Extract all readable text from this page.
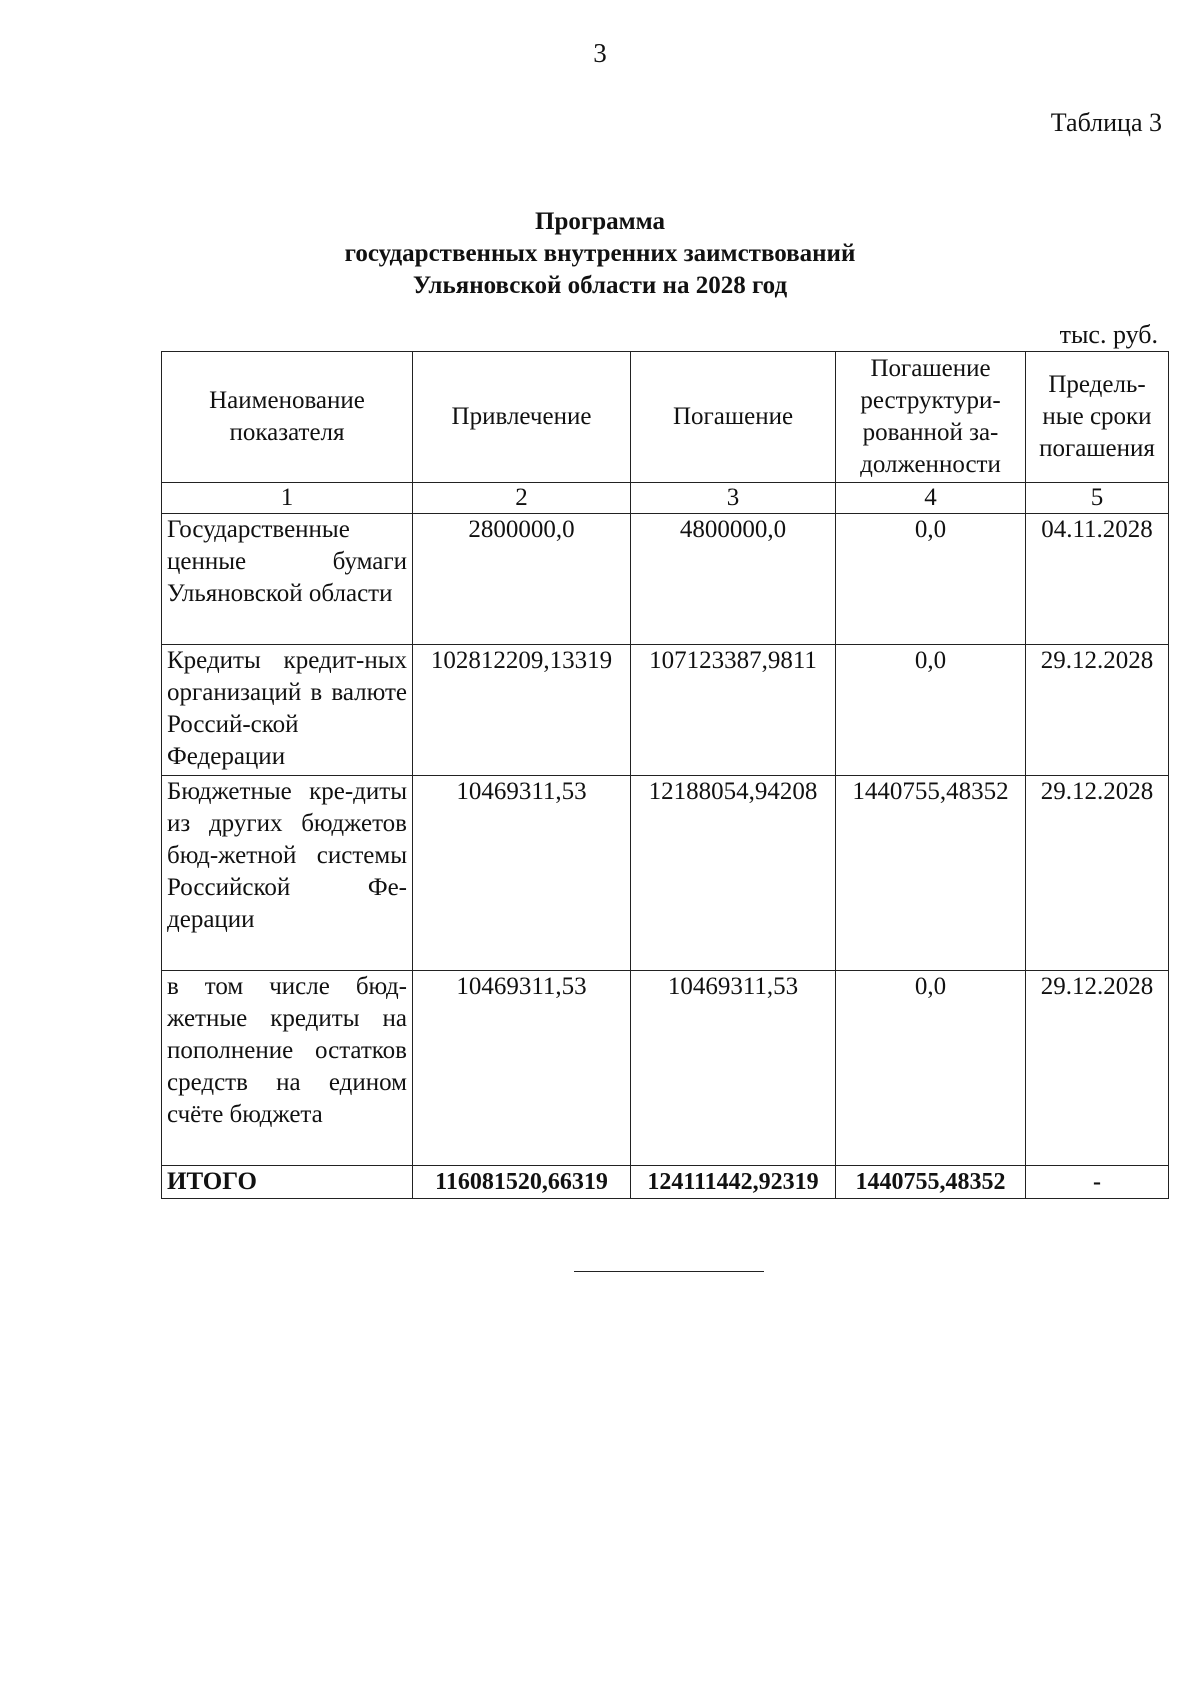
3
Таблица 3
Программа
государственных внутренних заимствований
Ульяновской области на 2028 год
тыс. руб.
Наименование показателя	Привлечение	Погашение	Погашение реструктури-рованной за-долженности	Предель-ные сроки погашения
1	2	3	4	5
Государственные ценные бумаги Ульяновской области	2800000,0	4800000,0	0,0	04.11.2028
Кредиты кредит-ных организаций в валюте Россий-ской Федерации	102812209,13319	107123387,9811	0,0	29.12.2028
Бюджетные кре-диты из других бюджетов бюд-жетной системы Российской Фе-дерации	10469311,53	12188054,94208	1440755,48352	29.12.2028
в том числе бюд-жетные кредиты на пополнение остатков средств на едином счёте бюджета	10469311,53	10469311,53	0,0	29.12.2028
ИТОГО	116081520,66319	124111442,92319	1440755,48352	-
